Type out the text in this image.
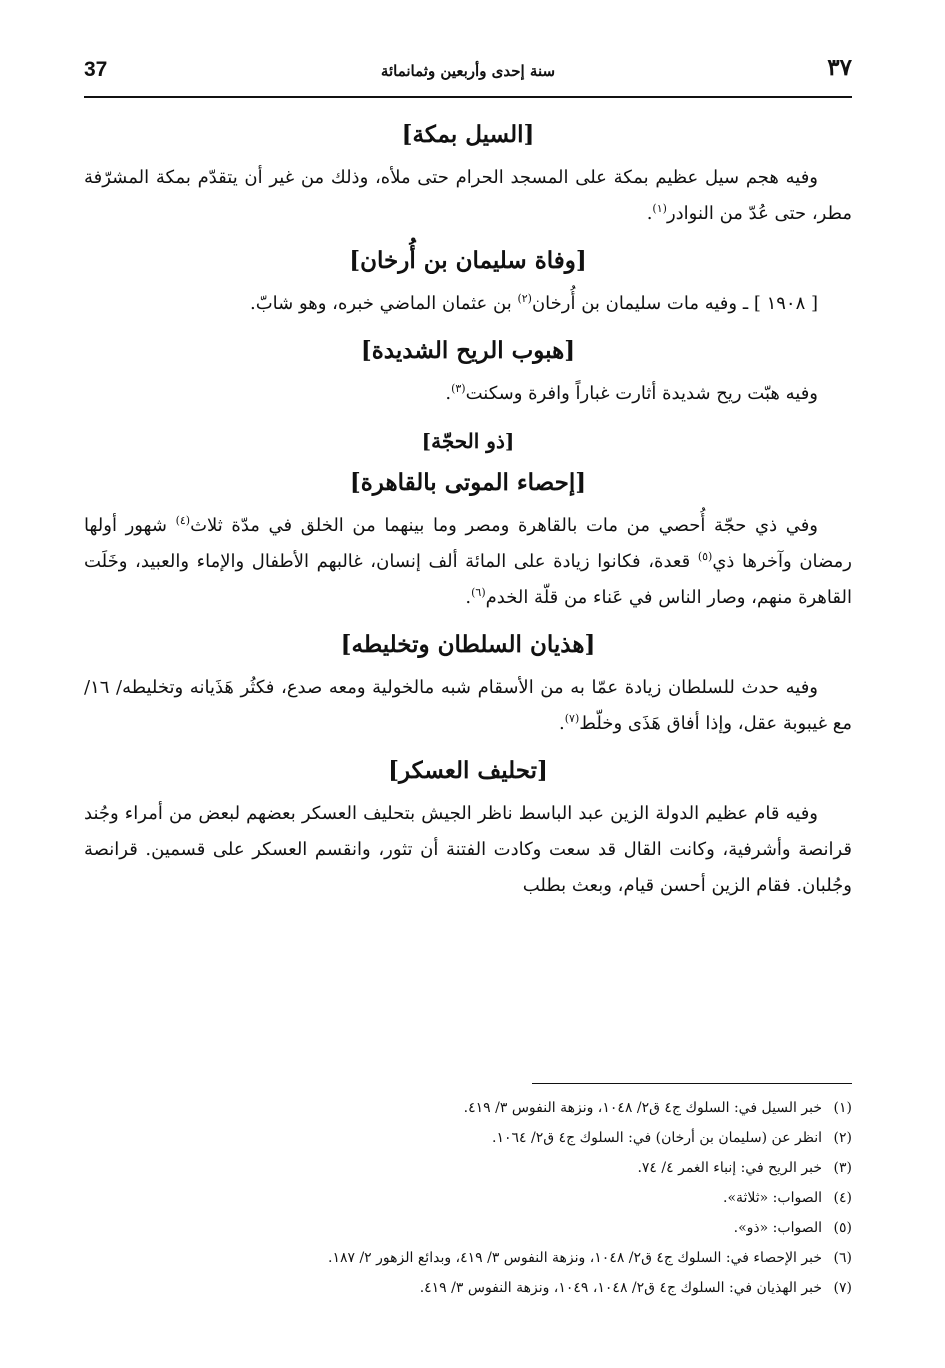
37	سنة إحدى وأربعين وثمانمائة	٣٧
[السيل بمكة]

وفيه هجم سيل عظيم بمكة على المسجد الحرام حتى ملأه، وذلك من غير أن يتقدّم بمكة المشرّفة مطر، حتى عُدّ من النوادر$^{(١)}$.

[وفاة سليمان بن أُرخان]

[ ١٩٠٨ ] ـ وفيه مات سليمان بن أُرخان$^{(٢)}$ بن عثمان الماضي خبره، وهو شابّ.

[هبوب الريح الشديدة]

وفيه هبّت ريح شديدة أثارت غباراً وافرة وسكنت$^{(٣)}$.

[ذو الحجّة]
[إحصاء الموتى بالقاهرة]

وفي ذي حجّة أُحصي من مات بالقاهرة ومصر وما بينهما من الخلق في مدّة ثلاث$^{(٤)}$ شهور أولها رمضان وآخرها ذي$^{(٥)}$ قعدة، فكانوا زيادة على المائة ألف إنسان، غالبهم الأطفال والإماء والعبيد، وخَلَت القاهرة منهم، وصار الناس في عَناء من قلّة الخدم$^{(٦)}$.

[هذيان السلطان وتخليطه]

وفيه حدث للسلطان زيادة عمّا به من الأسقام شبه مالخولية ومعه صدع، فكثُر هَذَيانه وتخليطه/ ١٦/ مع غيبوبة عقل، وإذا أفاق هَذَى وخلّط$^{(٧)}$.

[تحليف العسكر]

وفيه قام عظيم الدولة الزين عبد الباسط ناظر الجيش بتحليف العسكر بعضهم لبعض من أمراء وجُند قرانصة وأشرفية، وكانت القال قد سعت وكادت الفتنة أن تثور، وانقسم العسكر على قسمين. قرانصة وجُلبان. فقام الزين أحسن قيام، وبعث بطلب

(١)خبر السيل في: السلوك ج٤ ق٢/ ١٠٤٨، ونزهة النفوس ٣/ ٤١٩.
(٢)انظر عن (سليمان بن أرخان) في: السلوك ج٤ ق٢/ ١٠٦٤.
(٣)خبر الريح في: إنباء الغمر ٤/ ٧٤.
(٤)الصواب: «ثلاثة».
(٥)الصواب: «ذو».
(٦)خبر الإحصاء في: السلوك ج٤ ق٢/ ١٠٤٨، ونزهة النفوس ٣/ ٤١٩، وبدائع الزهور ٢/ ١٨٧.
(٧)خبر الهذيان في: السلوك ج٤ ق٢/ ١٠٤٨، ١٠٤٩، ونزهة النفوس ٣/ ٤١٩.
